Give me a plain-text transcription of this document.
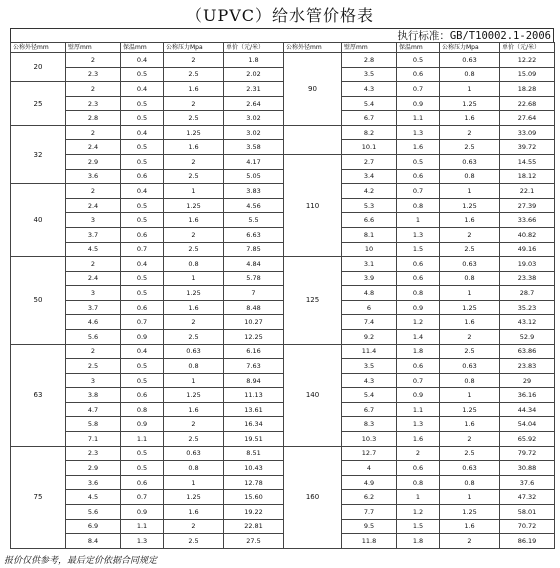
（UPVC）给水管价格表
执行标准：GB/T10002.1-2006
公称外径mm	壁厚mm	保温mm	公称压力Mpa	单价（元/米）	公称外径mm	壁厚mm	保温mm	公称压力Mpa	单价（元/米）
20	2	0.4	2	1.8	90	2.8	0.5	0.63	12.22
	2.3	0.5	2.5	2.02		3.5	0.6	0.8	15.09
25	2	0.4	1.6	2.31		4.3	0.7	1	18.28
	2.3	0.5	2	2.64		5.4	0.9	1.25	22.68
	2.8	0.5	2.5	3.02		6.7	1.1	1.6	27.64
32	2	0.4	1.25	3.02		8.2	1.3	2	33.09
	2.4	0.5	1.6	3.58		10.1	1.6	2.5	39.72
	2.9	0.5	2	4.17	110	2.7	0.5	0.63	14.55
	3.6	0.6	2.5	5.05		3.4	0.6	0.8	18.12
40	2	0.4	1	3.83		4.2	0.7	1	22.1
	2.4	0.5	1.25	4.56		5.3	0.8	1.25	27.39
	3	0.5	1.6	5.5		6.6	1	1.6	33.66
	3.7	0.6	2	6.63		8.1	1.3	2	40.82
	4.5	0.7	2.5	7.85		10	1.5	2.5	49.16
50	2	0.4	0.8	4.84	125	3.1	0.6	0.63	19.03
	2.4	0.5	1	5.78		3.9	0.6	0.8	23.38
	3	0.5	1.25	7		4.8	0.8	1	28.7
	3.7	0.6	1.6	8.48		6	0.9	1.25	35.23
	4.6	0.7	2	10.27		7.4	1.2	1.6	43.12
	5.6	0.9	2.5	12.25		9.2	1.4	2	52.9
63	2	0.4	0.63	6.16	140	11.4	1.8	2.5	63.86
	2.5	0.5	0.8	7.63		3.5	0.6	0.63	23.83
	3	0.5	1	8.94		4.3	0.7	0.8	29
	3.8	0.6	1.25	11.13		5.4	0.9	1	36.16
	4.7	0.8	1.6	13.61		6.7	1.1	1.25	44.34
	5.8	0.9	2	16.34		8.3	1.3	1.6	54.04
	7.1	1.1	2.5	19.51		10.3	1.6	2	65.92
75	2.3	0.5	0.63	8.51	160	12.7	2	2.5	79.72
	2.9	0.5	0.8	10.43		4	0.6	0.63	30.88
	3.6	0.6	1	12.78		4.9	0.8	0.8	37.6
	4.5	0.7	1.25	15.60		6.2	1	1	47.32
	5.6	0.9	1.6	19.22		7.7	1.2	1.25	58.01
	6.9	1.1	2	22.81		9.5	1.5	1.6	70.72
	8.4	1.3	2.5	27.5		11.8	1.8	2	86.19
报价仅供参考，最后定价依据合同规定
